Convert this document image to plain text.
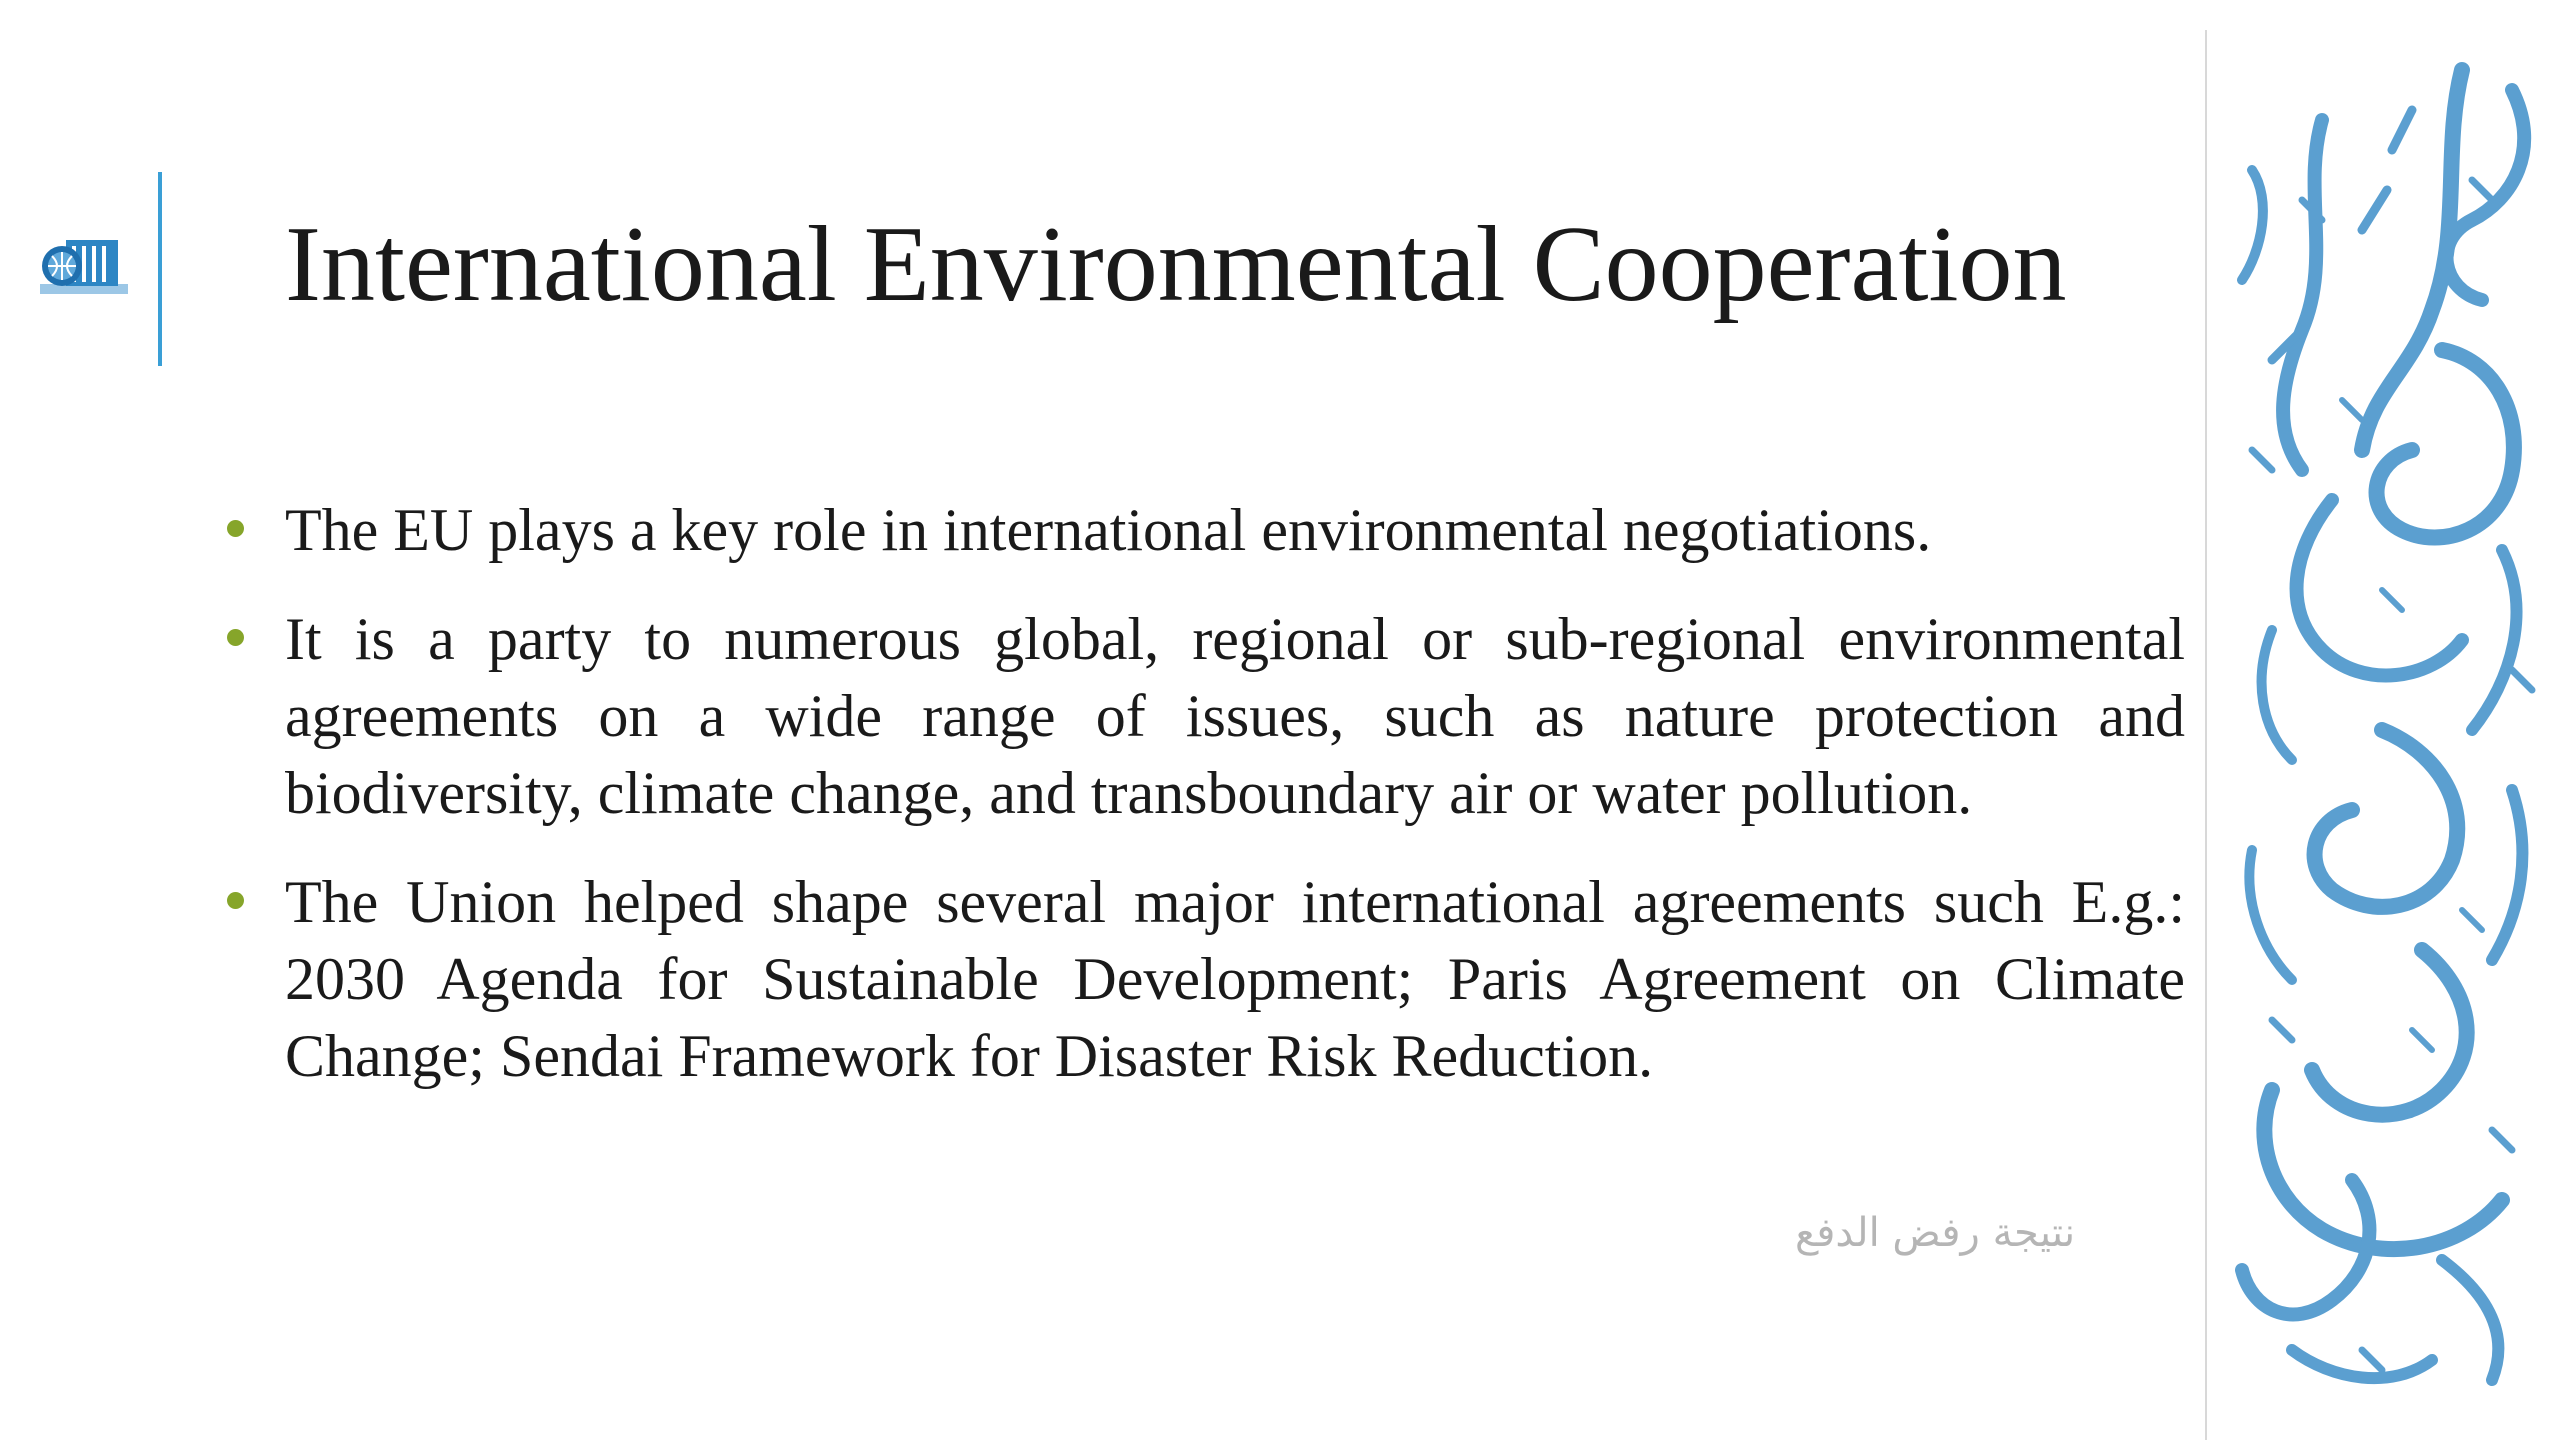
International Environmental Cooperation
The EU plays a key role in international environmental negotiations.
It is a party to numerous global, regional or sub-regional environmental agreements on a wide range of issues, such as nature protection and biodiversity, climate change, and transboundary air or water pollution.
The Union helped shape several major international agreements such E.g.: 2030 Agenda for Sustainable Development; Paris Agreement on Climate Change; Sendai Framework for Disaster Risk Reduction.
نتيجة رفض الدفع
